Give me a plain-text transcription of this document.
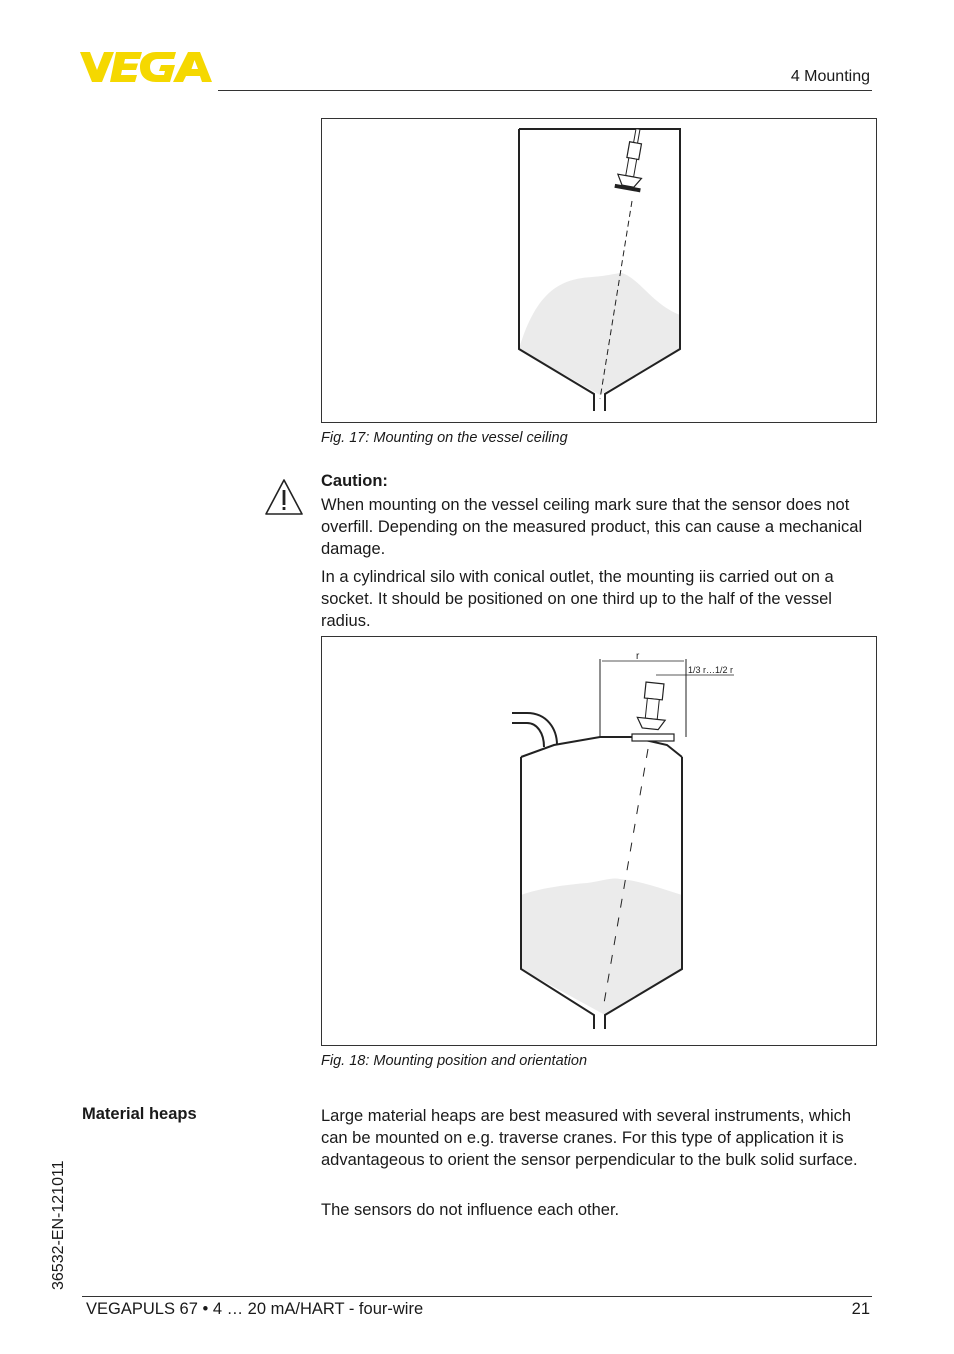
4 Mounting
Fig. 17: Mounting on the vessel ceiling
Caution:
When mounting on the vessel ceiling mark sure that the sensor does not overfill. Depending on the measured product, this can cause a mechanical damage.
In a cylindrical silo with conical outlet, the mounting iis carried out on a socket. It should be positioned on one third up to the half of the vessel radius.
r
1/3 r…1/2 r
Fig. 18: Mounting position and orientation
Material heaps	Large material heaps are best measured with several instruments, which can be mounted on e.g. traverse cranes. For this type of application it is advantageous to orient the sensor perpendicular to the bulk solid surface.
The sensors do not influence each other.
36532-EN-121011
VEGAPULS 67 • 4 … 20 mA/HART - four-wire	21
